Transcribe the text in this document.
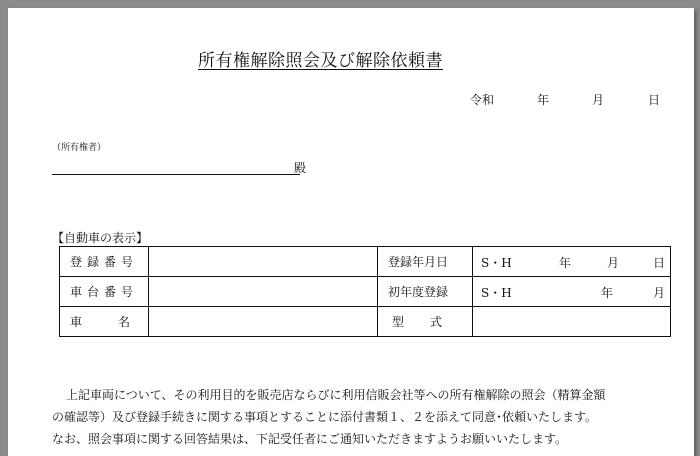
所有権解除照会及び解除依頼書
令和	年	月	日
（所有権者）
殿
【自動車の表示】
登録番号		登録年月日	S・H 年 月 日

車台番号		初年度登録	S・H 年 月

車名		型式	
上記車両について、その利用目的を販売店ならびに利用信販会社等への所有権解除の照会（精算金額
の確認等）及び登録手続きに関する事項とすることに添付書類１、２を添えて同意･依頼いたします。
なお、照会事項に関する回答結果は、下記受任者にご通知いただきますようお願いいたします。
